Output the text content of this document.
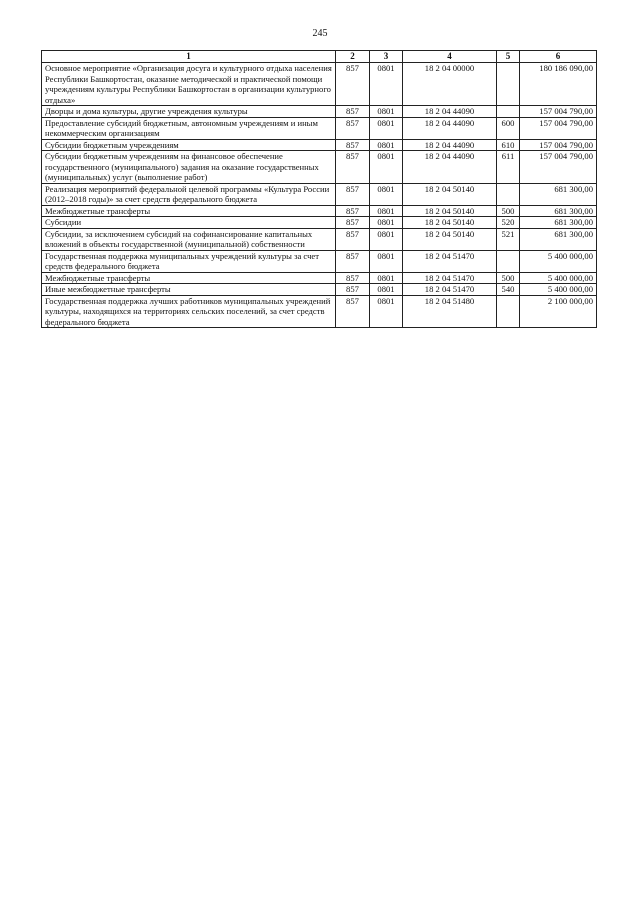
245
1	2	3	4	5	6
Основное мероприятие «Организация досуга и культурного отдыха населения Республики Башкортостан, оказание методической и практической помощи учреждениям культуры Республики Башкортостан в организации культурного отдыха»	857	0801	18 2 04 00000		180 186 090,00
Дворцы и дома культуры, другие учреждения культуры	857	0801	18 2 04 44090		157 004 790,00
Предоставление субсидий бюджетным, автономным учреждениям и иным некоммерческим организациям	857	0801	18 2 04 44090	600	157 004 790,00
Субсидии бюджетным учреждениям	857	0801	18 2 04 44090	610	157 004 790,00
Субсидии бюджетным учреждениям на финансовое обеспечение государственного (муниципального) задания на оказание государственных (муниципальных) услуг (выполнение работ)	857	0801	18 2 04 44090	611	157 004 790,00
Реализация мероприятий федеральной целевой программы «Культура России (2012–2018 годы)» за счет средств федерального бюджета	857	0801	18 2 04 50140		681 300,00
Межбюджетные трансферты	857	0801	18 2 04 50140	500	681 300,00
Субсидии	857	0801	18 2 04 50140	520	681 300,00
Субсидии, за исключением субсидий на софинансирование капитальных вложений в объекты государственной (муниципальной) собственности	857	0801	18 2 04 50140	521	681 300,00
Государственная поддержка муниципальных учреждений культуры за счет средств федерального бюджета	857	0801	18 2 04 51470		5 400 000,00
Межбюджетные трансферты	857	0801	18 2 04 51470	500	5 400 000,00
Иные межбюджетные трансферты	857	0801	18 2 04 51470	540	5 400 000,00
Государственная поддержка лучших работников муниципальных учреждений культуры, находящихся на территориях сельских поселений, за счет средств федерального бюджета	857	0801	18 2 04 51480		2 100 000,00
